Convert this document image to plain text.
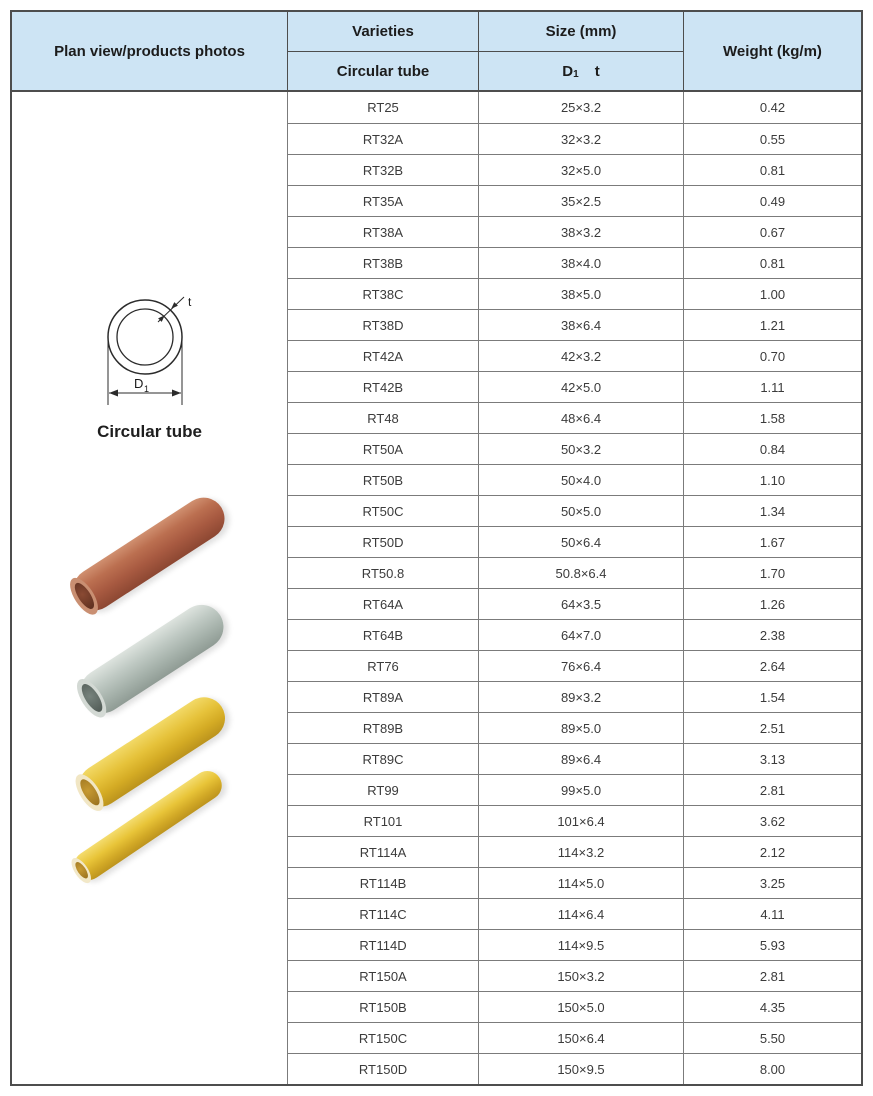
Plan view/products photos
Varieties	Size (mm)
Weight (kg/m)
Circular tube	$D_1$ t
D 1
t
Circular tube
RT25	25×3.2	0.42
RT32A	32×3.2	0.55
RT32B	32×5.0	0.81
RT35A	35×2.5	0.49
RT38A	38×3.2	0.67
RT38B	38×4.0	0.81
RT38C	38×5.0	1.00
RT38D	38×6.4	1.21
RT42A	42×3.2	0.70
RT42B	42×5.0	1.11
RT48	48×6.4	1.58
RT50A	50×3.2	0.84
RT50B	50×4.0	1.10
RT50C	50×5.0	1.34
RT50D	50×6.4	1.67
RT50.8	50.8×6.4	1.70
RT64A	64×3.5	1.26
RT64B	64×7.0	2.38
RT76	76×6.4	2.64
RT89A	89×3.2	1.54
RT89B	89×5.0	2.51
RT89C	89×6.4	3.13
RT99	99×5.0	2.81
RT101	101×6.4	3.62
RT114A	114×3.2	2.12
RT114B	114×5.0	3.25
RT114C	114×6.4	4.11
RT114D	114×9.5	5.93
RT150A	150×3.2	2.81
RT150B	150×5.0	4.35
RT150C	150×6.4	5.50
RT150D	150×9.5	8.00
